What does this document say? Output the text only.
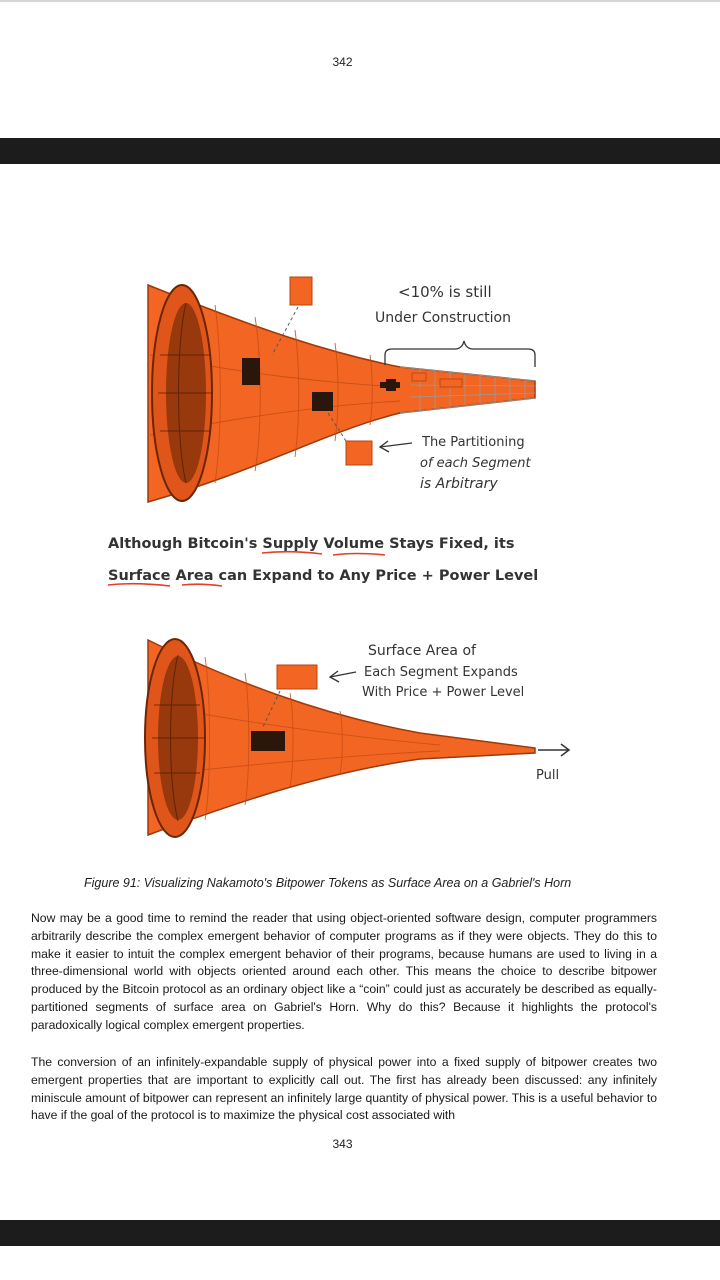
342
<10% is still
Under Construction
The Partitioning
of each Segment
is Arbitrary
Although Bitcoin's Supply Volume Stays Fixed, its
Surface Area can Expand to Any Price + Power Level
Surface Area of
Each Segment Expands
With Price + Power Level
Pull
Figure 91: Visualizing Nakamoto's Bitpower Tokens as Surface Area on a Gabriel's Horn
Now may be a good time to remind the reader that using object-oriented software design, computer programmers arbitrarily describe the complex emergent behavior of computer programs as if they were objects. They do this to make it easier to intuit the complex emergent behavior of their programs, because humans are used to living in a three-dimensional world with objects oriented around each other. This means the choice to describe bitpower produced by the Bitcoin protocol as an ordinary object like a “coin” could just as accurately be described as equally-partitioned segments of surface area on Gabriel's Horn. Why do this? Because it highlights the protocol's paradoxically logical complex emergent properties.
The conversion of an infinitely-expandable supply of physical power into a fixed supply of bitpower creates two emergent properties that are important to explicitly call out. The first has already been discussed: any infinitely miniscule amount of bitpower can represent an infinitely large quantity of physical power. This is a useful behavior to have if the goal of the protocol is to maximize the physical cost associated with
343
